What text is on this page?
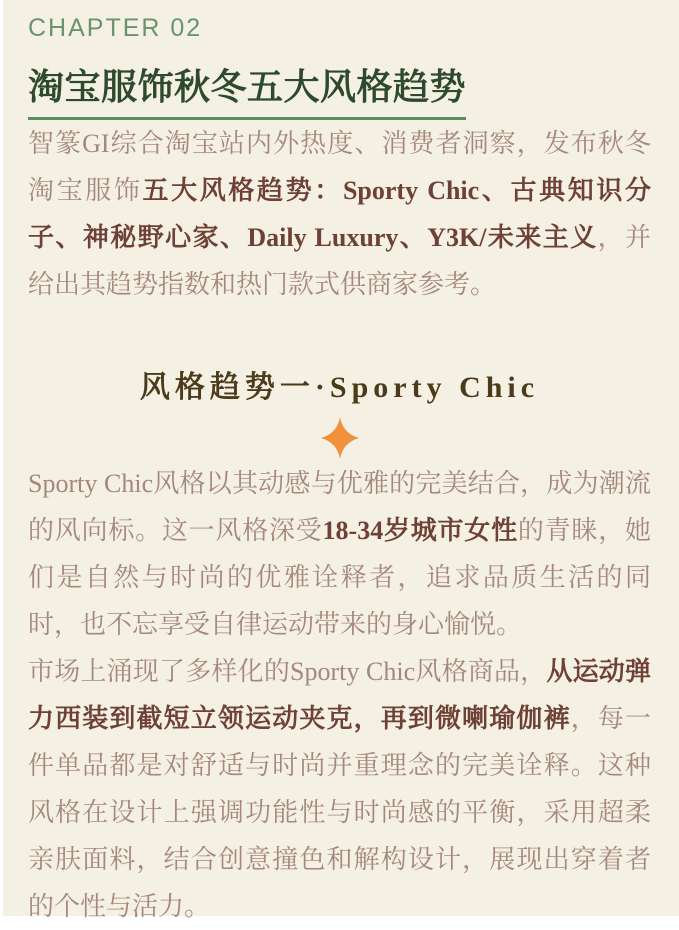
CHAPTER 02
淘宝服饰秋冬五大风格趋势

智篆GI综合淘宝站内外热度、消费者洞察，发布秋冬淘宝服饰五大风格趋势：Sporty Chic、古典知识分子、神秘野心家、Daily Luxury、Y3K/未来主义，并给出其趋势指数和热门款式供商家参考。

风格趋势一·Sporty Chic

Sporty Chic风格以其动感与优雅的完美结合，成为潮流的风向标。这一风格深受18-34岁城市女性的青睐，她们是自然与时尚的优雅诠释者，追求品质生活的同时，也不忘享受自律运动带来的身心愉悦。

市场上涌现了多样化的Sporty Chic风格商品，从运动弹力西装到截短立领运动夹克，再到微喇瑜伽裤，每一件单品都是对舒适与时尚并重理念的完美诠释。这种风格在设计上强调功能性与时尚感的平衡，采用超柔亲肤面料，结合创意撞色和解构设计，展现出穿着者的个性与活力。
